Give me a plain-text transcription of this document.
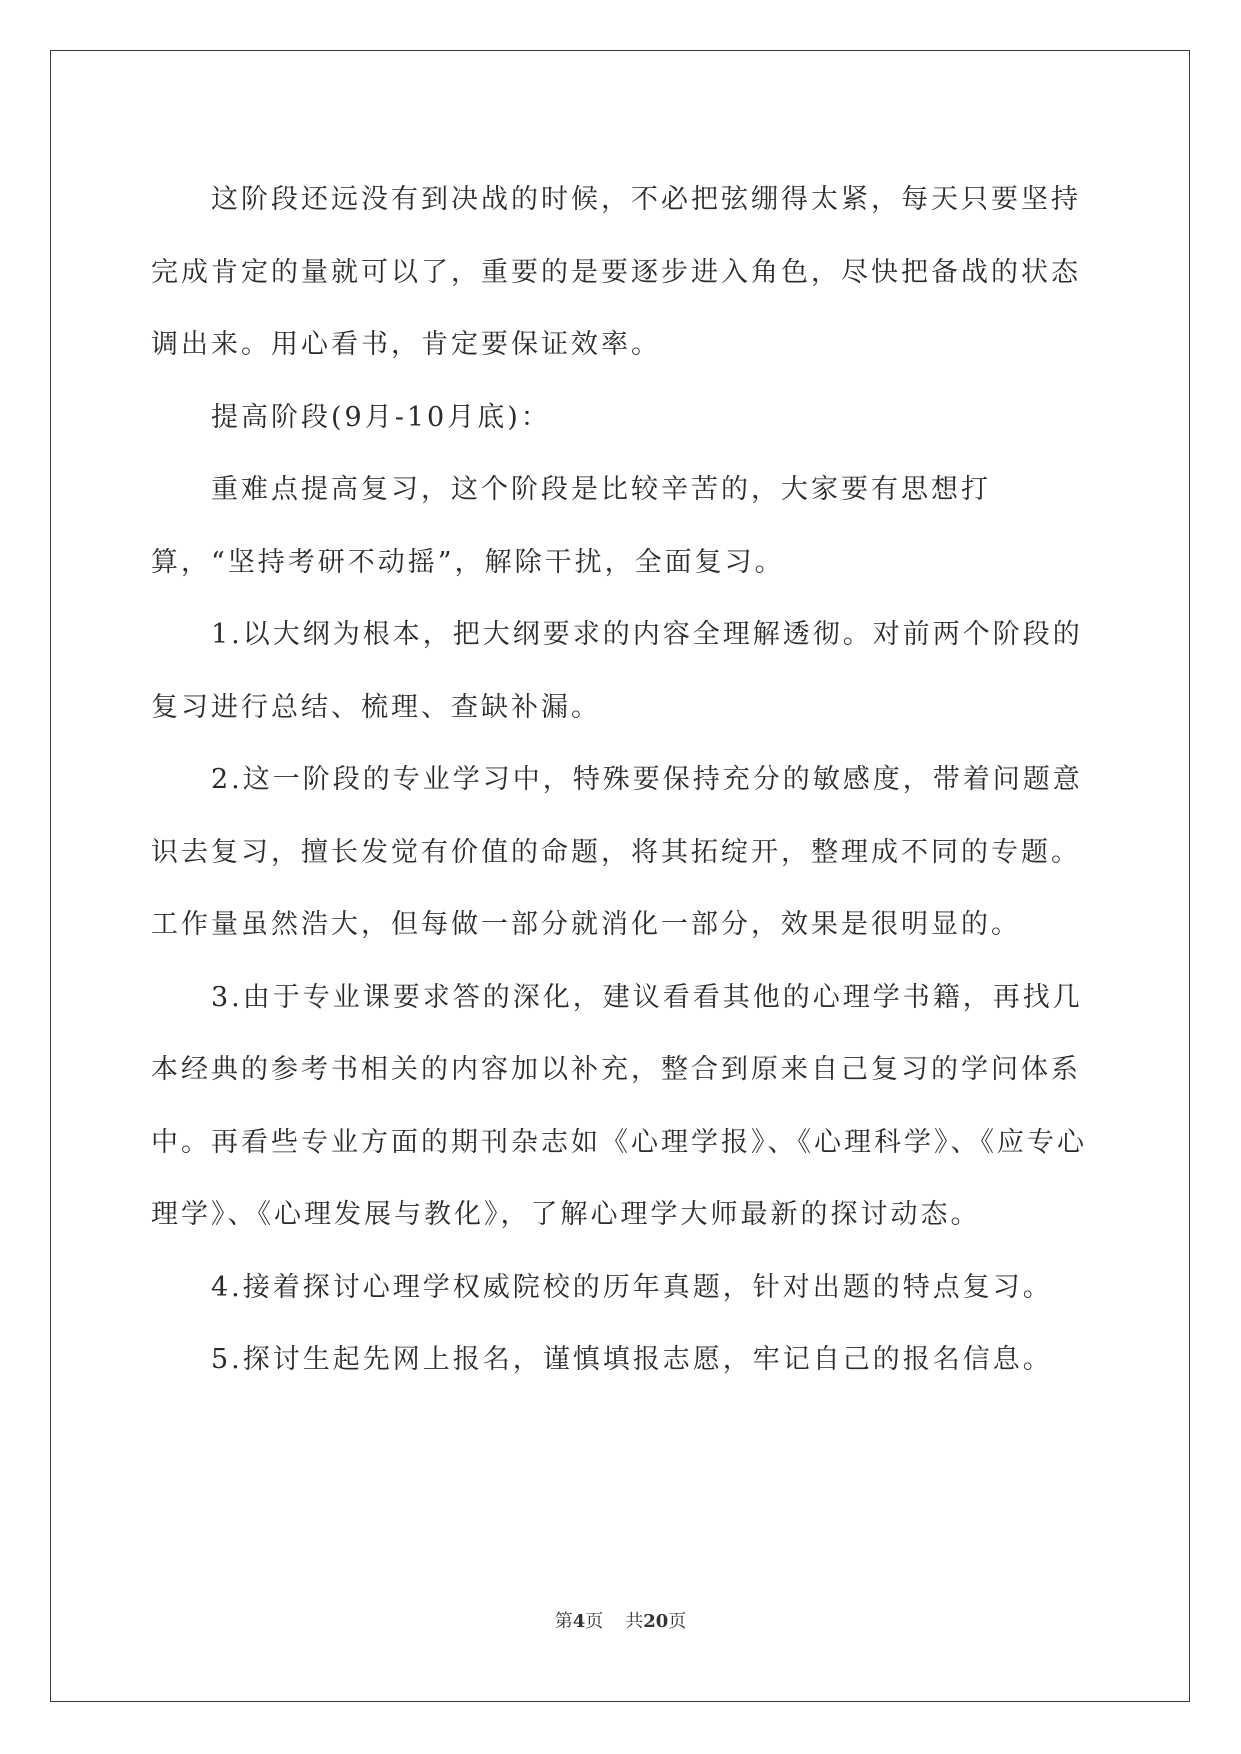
这阶段还远没有到决战的时候，不必把弦绷得太紧，每天只要坚持完成肯定的量就可以了，重要的是要逐步进入角色，尽快把备战的状态调出来。用心看书，肯定要保证效率。

提高阶段(9月-10月底)：

重难点提高复习，这个阶段是比较辛苦的，大家要有思想打算，“坚持考研不动摇”，解除干扰，全面复习。

1.以大纲为根本，把大纲要求的内容全理解透彻。对前两个阶段的复习进行总结、梳理、查缺补漏。

2.这一阶段的专业学习中，特殊要保持充分的敏感度，带着问题意识去复习，擅长发觉有价值的命题，将其拓绽开，整理成不同的专题。工作量虽然浩大，但每做一部分就消化一部分，效果是很明显的。

3.由于专业课要求答的深化，建议看看其他的心理学书籍，再找几本经典的参考书相关的内容加以补充，整合到原来自己复习的学问体系中。再看些专业方面的期刊杂志如《心理学报》、《心理科学》、《应专心理学》、《心理发展与教化》，了解心理学大师最新的探讨动态。

4.接着探讨心理学权威院校的历年真题，针对出题的特点复习。

5.探讨生起先网上报名，谨慎填报志愿，牢记自己的报名信息。

第4页 共20页
